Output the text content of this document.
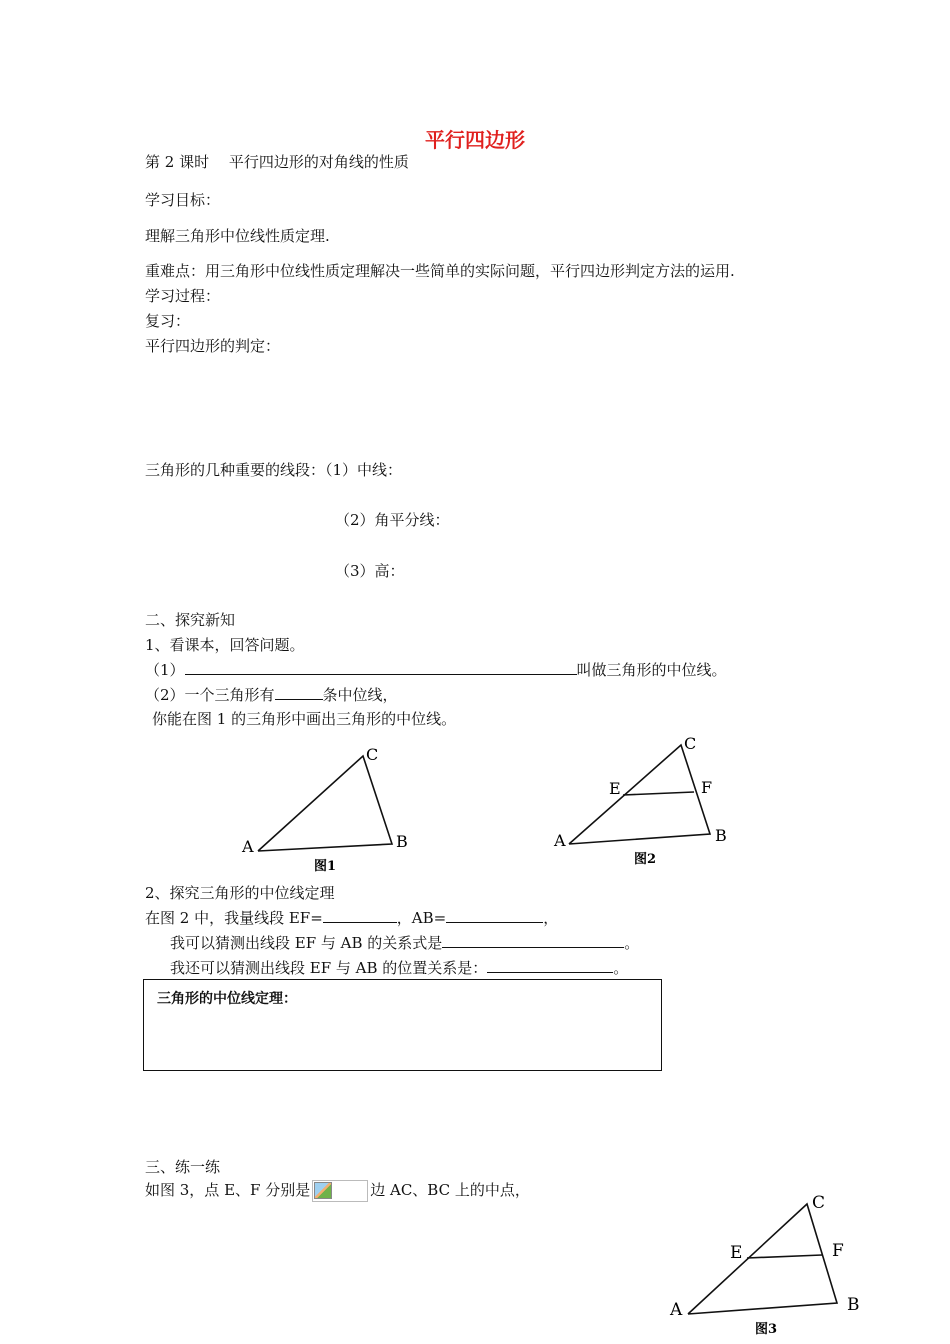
平行四边形
第 2 课时　 平行四边形的对角线的性质
学习目标：
理解三角形中位线性质定理.
重难点：用三角形中位线性质定理解决一些简单的实际问题，平行四边形判定方法的运用.
学习过程：
复习：
平行四边形的判定：
三角形的几种重要的线段：（1）中线：
（2）角平分线：
（3）高：
二、探究新知
1、看课本，回答问题。
（1）	叫做三角形的中位线。
（2）一个三角形有	条中位线，
你能在图 1 的三角形中画出三角形的中位线。
C
A	B
图1
C
E	F
A	B
图2
2、探究三角形的中位线定理
在图 2 中，我量线段 EF=	，AB=	，
我可以猜测出线段 EF 与 AB 的关系式是	。
我还可以猜测出线段 EF 与 AB 的位置关系是：	。
三角形的中位线定理：
三、练一练
如图 3，点 E、F 分别是	边 AC、BC 上的中点，
C
E	F
A	B
图3
